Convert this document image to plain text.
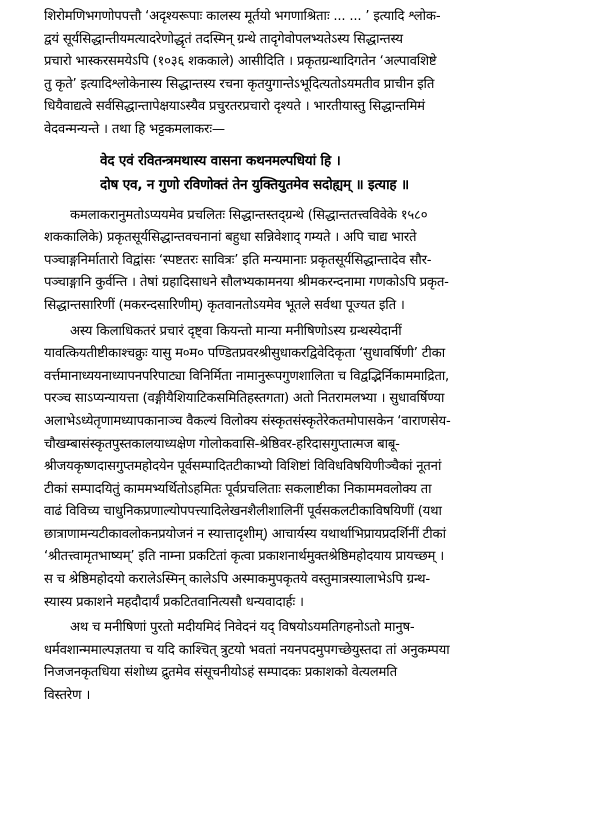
शिरोमणिभगणोपपत्तौ ‘अदृश्यरूपाः कालस्य मूर्तयो भगणाश्रिताः ... ... ’ इत्यादि श्लोक-
द्वयं सूर्यसिद्धान्तीयमत्यादरेणोद्धृतं तदस्मिन् ग्रन्थे तादृगेवोपलभ्यतेऽस्य सिद्धान्तस्य
प्रचारो भास्करसमयेऽपि (१०३६ शककाले) आसीदिति । प्रकृतग्रन्थादिगतेन ‘अल्पावशिष्टे
तु कृते’ इत्यादिश्लोकेनास्य सिद्धान्तस्य रचना कृतयुगान्तेऽभूदित्यतोऽयमतीव प्राचीन इति
धियैवाद्यत्वे सर्वसिद्धान्तापेक्षयाऽस्यैव प्रचुरतरप्रचारो दृश्यते । भारतीयास्तु सिद्धान्तमिमं
वेदवन्मन्यन्ते । तथा हि भट्टकमलाकरः—
वेद एवं रवितन्त्रमथास्य वासना कथनमल्पधियां हि ।
दोष एव, न गुणो रविणोक्तं तेन युक्तियुतमेव सदोह्यम् ॥ इत्याह ॥
कमलाकरानुमतोऽप्ययमेव प्रचलितः सिद्धान्तस्तद्ग्रन्थे (सिद्धान्ततत्त्वविवेके १५८०
शककालिके) प्रकृतसूर्यसिद्धान्तवचनानां बहुधा सन्निवेशाद् गम्यते । अपि चाद्य भारते
पञ्चाङ्गनिर्मातारो विद्वांसः ‘स्पष्टतरः सावित्रः’ इति मन्यमानाः प्रकृतसूर्यसिद्धान्तादेव सौर-
पञ्चाङ्गानि कुर्वन्ति । तेषां ग्रहादिसाधने सौलभ्यकामनया श्रीमकरन्दनामा गणकोऽपि प्रकृत-
सिद्धान्तसारिणीं (मकरन्दसारिणीम्) कृतवानतोऽयमेव भूतले सर्वथा पूज्यत इति ।
अस्य किलाधिकतरं प्रचारं दृष्ट्वा कियन्तो मान्या मनीषिणोऽस्य ग्रन्थस्येदानीं
यावत्कियतीष्टीकाश्चक्रुः यासु म०म० पण्डितप्रवरश्रीसुधाकरद्विवेदिकृता ‘सुधावर्षिणी’ टीका
वर्त्तमानाध्ययनाध्यापनपरिपाट्या विनिर्मिता नामानुरूपगुणशालिता च विद्वद्भिर्निकाममाद्रिता,
परञ्च साऽप्यन्यायत्ता (वङ्गीयैशियाटिकसमितिहस्तगता) अतो नितरामलभ्या । सुधावर्षिण्या
अलाभेऽध्येतृणामध्यापकानाञ्च वैकल्यं विलोक्य संस्कृतसंस्कृतेरेकतमोपासकेन ‘वाराणसेय-
चौखम्बासंस्कृतपुस्तकालयाध्यक्षेण गोलोकवासि-श्रेष्ठिवर-हरिदासगुप्तात्मज बाबू-
श्रीजयकृष्णदासगुप्तमहोदयेन पूर्वसम्पादितटीकाभ्यो विशिष्टां विविधविषयिणीञ्चैकां नूतनां
टीकां सम्पादयितुं काममभ्यर्थितोऽहमितः पूर्वप्रचलिताः सकलाष्टीका निकाममवलोक्य ता
वाढं विविच्य चाधुनिकप्रणाल्योपपत्त्यादिलेखनशैलीशालिनीं पूर्वसकलटीकाविषयिणीं (यथा
छात्राणामन्यटीकावलोकनप्रयोजनं न स्यात्तादृशीम्) आचार्यस्य यथार्थाभिप्रायप्रदर्शिनीं टीकां
‘श्रीतत्त्वामृतभाष्यम्’ इति नाम्ना प्रकटितां कृत्वा प्रकाशनार्थमुक्तश्रेष्ठिमहोदयाय प्रायच्छम् ।
स च श्रेष्ठिमहोदयो करालेऽस्मिन् कालेऽपि अस्माकमुपकृतये वस्तुमात्रस्यालाभेऽपि ग्रन्थ-
स्यास्य प्रकाशने महदौदार्यं प्रकटितवानित्यसौ धन्यवादार्हः ।
अथ च मनीषिणां पुरतो मदीयमिदं निवेदनं यद् विषयोऽयमतिगहनोऽतो मानुष-
धर्मवशान्ममाल्पज्ञतया च यदि काश्चित् त्रुटयो भवतां नयनपदमुपगच्छेयुस्तदा तां अनुकम्पया
निजजनकृतधिया संशोध्य द्रुतमेव संसूचनीयोऽहं सम्पादकः प्रकाशको वेत्यलमति
विस्तरेण ।
